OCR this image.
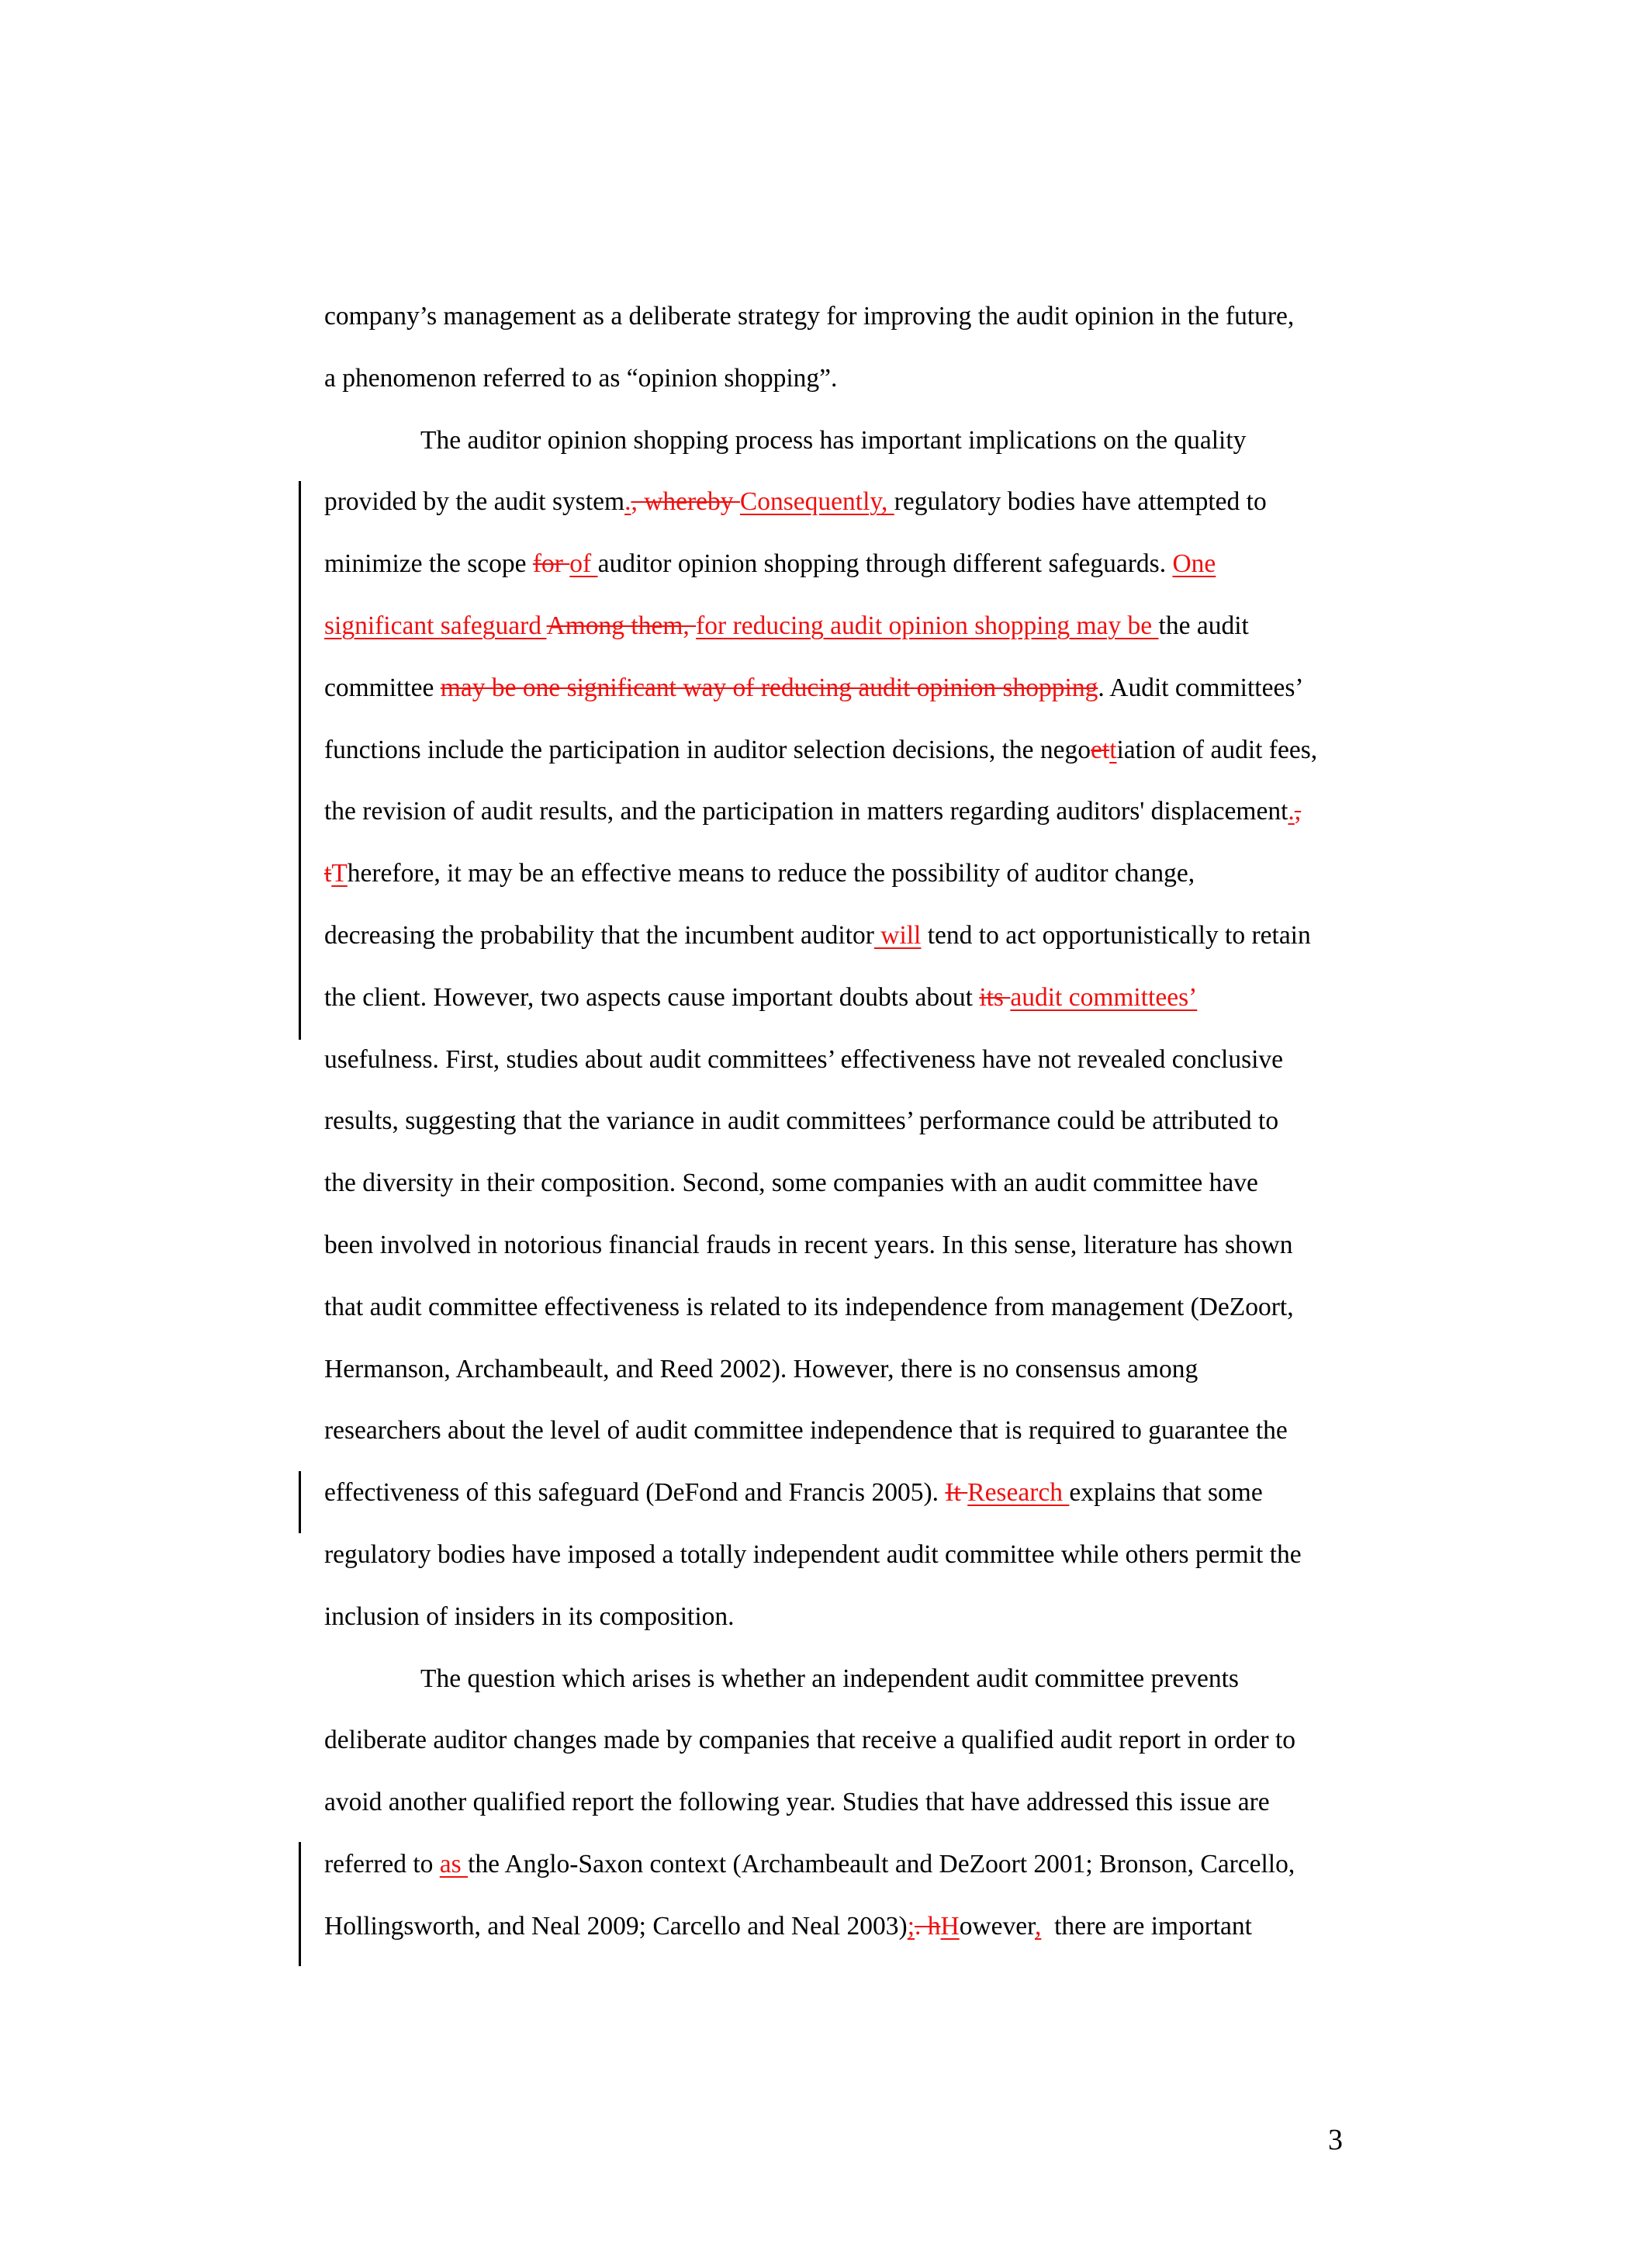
company’s management as a deliberate strategy for improving the audit opinion in the future,
a phenomenon referred to as “opinion shopping”.
The auditor opinion shopping process has important implications on the quality
provided by the audit system., whereby Consequently, regulatory bodies have attempted to
minimize the scope for of auditor opinion shopping through different safeguards. One
significant safeguard Among them, for reducing audit opinion shopping may be the audit
committee may be one significant way of reducing audit opinion shopping. Audit committees’
functions include the participation in auditor selection decisions, the negoettiation of audit fees,
the revision of audit results, and the participation in matters regarding auditors' displacement.,
tTherefore, it may be an effective means to reduce the possibility of auditor change,
decreasing the probability that the incumbent auditor will tend to act opportunistically to retain
the client. However, two aspects cause important doubts about its audit committees’
usefulness. First, studies about audit committees’ effectiveness have not revealed conclusive
results, suggesting that the variance in audit committees’ performance could be attributed to
the diversity in their composition. Second, some companies with an audit committee have
been involved in notorious financial frauds in recent years. In this sense, literature has shown
that audit committee effectiveness is related to its independence from management (DeZoort,
Hermanson, Archambeault, and Reed 2002). However, there is no consensus among
researchers about the level of audit committee independence that is required to guarantee the
effectiveness of this safeguard (DeFond and Francis 2005). It Research explains that some
regulatory bodies have imposed a totally independent audit committee while others permit the
inclusion of insiders in its composition.
The question which arises is whether an independent audit committee prevents
deliberate auditor changes made by companies that receive a qualified audit report in order to
avoid another qualified report the following year. Studies that have addressed this issue are
referred to as the Anglo-Saxon context (Archambeault and DeZoort 2001; Bronson, Carcello,
Hollingsworth, and Neal 2009; Carcello and Neal 2003);. hHowever,  there are important
3
